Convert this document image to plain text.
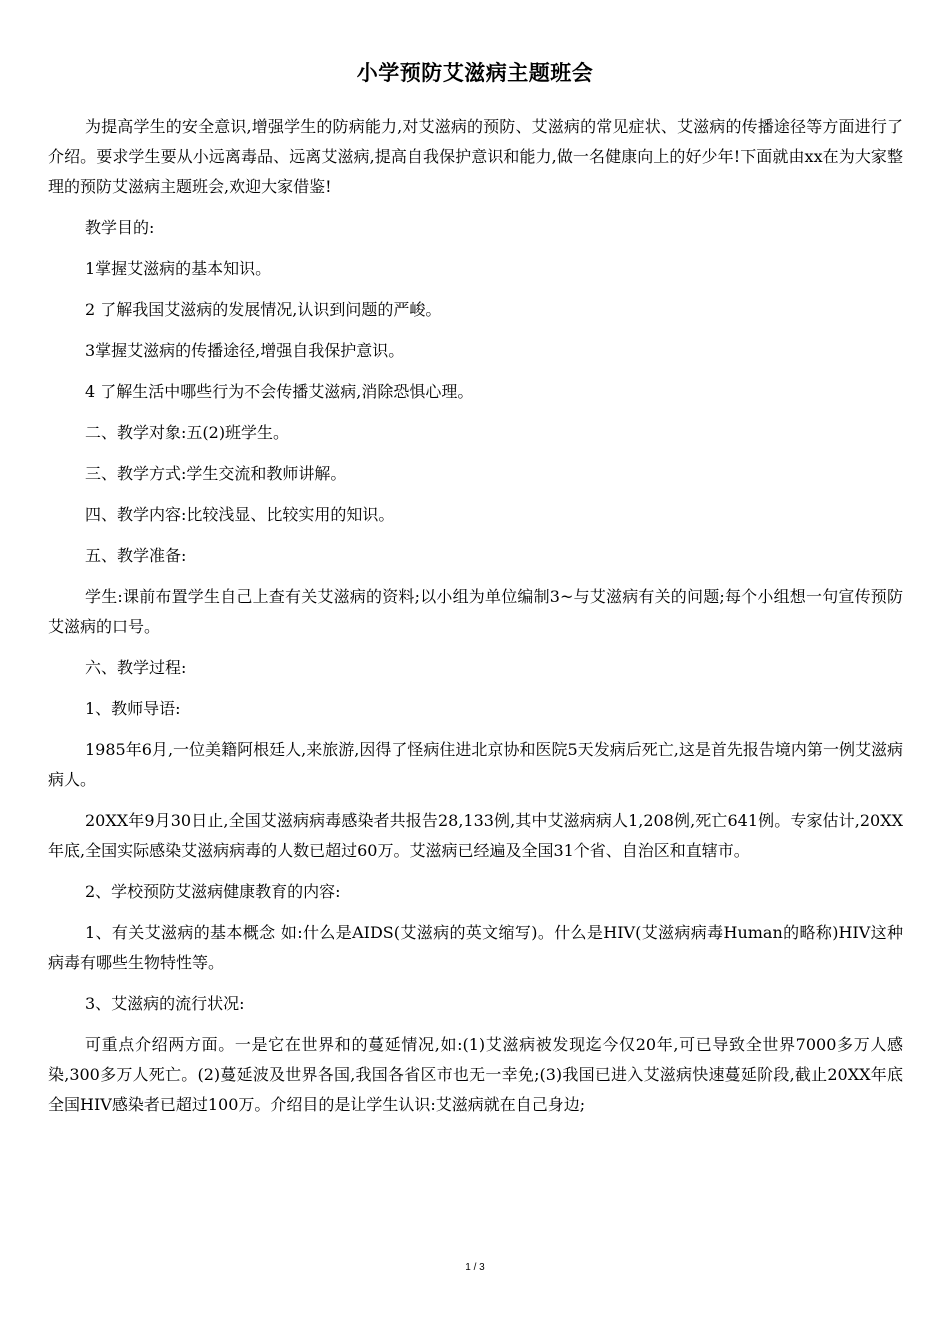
小学预防艾滋病主题班会

为提高学生的安全意识,增强学生的防病能力,对艾滋病的预防、艾滋病的常见症状、艾滋病的传播途径等方面进行了介绍。要求学生要从小远离毒品、远离艾滋病,提高自我保护意识和能力,做一名健康向上的好少年!下面就由xx在为大家整理的预防艾滋病主题班会,欢迎大家借鉴!

教学目的:

1掌握艾滋病的基本知识。

2 了解我国艾滋病的发展情况,认识到问题的严峻。

3掌握艾滋病的传播途径,增强自我保护意识。

4 了解生活中哪些行为不会传播艾滋病,消除恐惧心理。

二、教学对象:五(2)班学生。

三、教学方式:学生交流和教师讲解。

四、教学内容:比较浅显、比较实用的知识。

五、教学准备:

学生:课前布置学生自己上查有关艾滋病的资料;以小组为单位编制3~与艾滋病有关的问题;每个小组想一句宣传预防艾滋病的口号。

六、教学过程:

1、教师导语:

1985年6月,一位美籍阿根廷人,来旅游,因得了怪病住进北京协和医院5天发病后死亡,这是首先报告境内第一例艾滋病病人。

20XX年9月30日止,全国艾滋病病毒感染者共报告28,133例,其中艾滋病病人1,208例,死亡641例。专家估计,20XX年底,全国实际感染艾滋病病毒的人数已超过60万。艾滋病已经遍及全国31个省、自治区和直辖市。

2、学校预防艾滋病健康教育的内容:

1、有关艾滋病的基本概念 如:什么是AIDS(艾滋病的英文缩写)。什么是HIV(艾滋病病毒Human的略称)HIV这种病毒有哪些生物特性等。

3、艾滋病的流行状况:

可重点介绍两方面。一是它在世界和的蔓延情况,如:(1)艾滋病被发现迄今仅20年,可已导致全世界7000多万人感染,300多万人死亡。(2)蔓延波及世界各国,我国各省区市也无一幸免;(3)我国已进入艾滋病快速蔓延阶段,截止20XX年底全国HIV感染者已超过100万。介绍目的是让学生认识:艾滋病就在自己身边;

1 / 3
